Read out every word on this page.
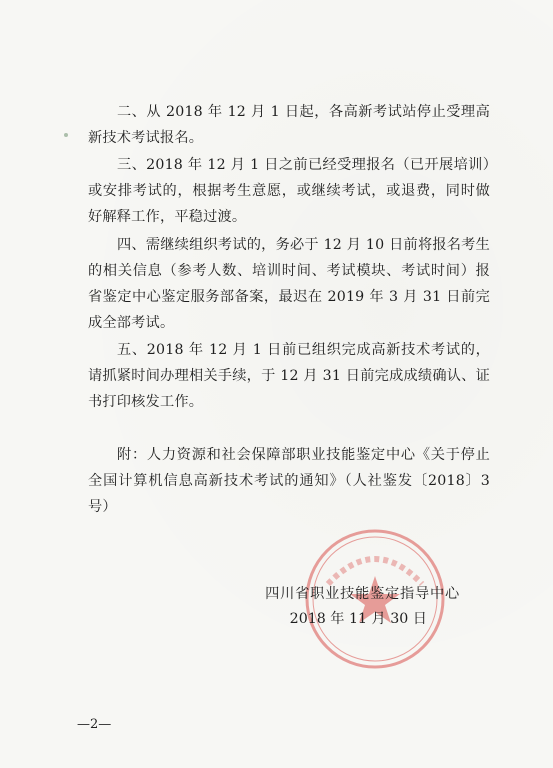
二、从 2018 年 12 月 1 日起，各高新考试站停止受理高新技术考试报名。
三、2018 年 12 月 1 日之前已经受理报名（已开展培训）或安排考试的，根据考生意愿，或继续考试，或退费，同时做好解释工作，平稳过渡。
四、需继续组织考试的，务必于 12 月 10 日前将报名考生的相关信息（参考人数、培训时间、考试模块、考试时间）报省鉴定中心鉴定服务部备案，最迟在 2019 年 3 月 31 日前完成全部考试。
五、2018 年 12 月 1 日前已组织完成高新技术考试的，请抓紧时间办理相关手续，于 12 月 31 日前完成成绩确认、证书打印核发工作。
附：人力资源和社会保障部职业技能鉴定中心《关于停止全国计算机信息高新技术考试的通知》（人社鉴发〔2018〕3 号）
四川省职业技能鉴定指导中心
2018 年 11 月 30 日
—2—
